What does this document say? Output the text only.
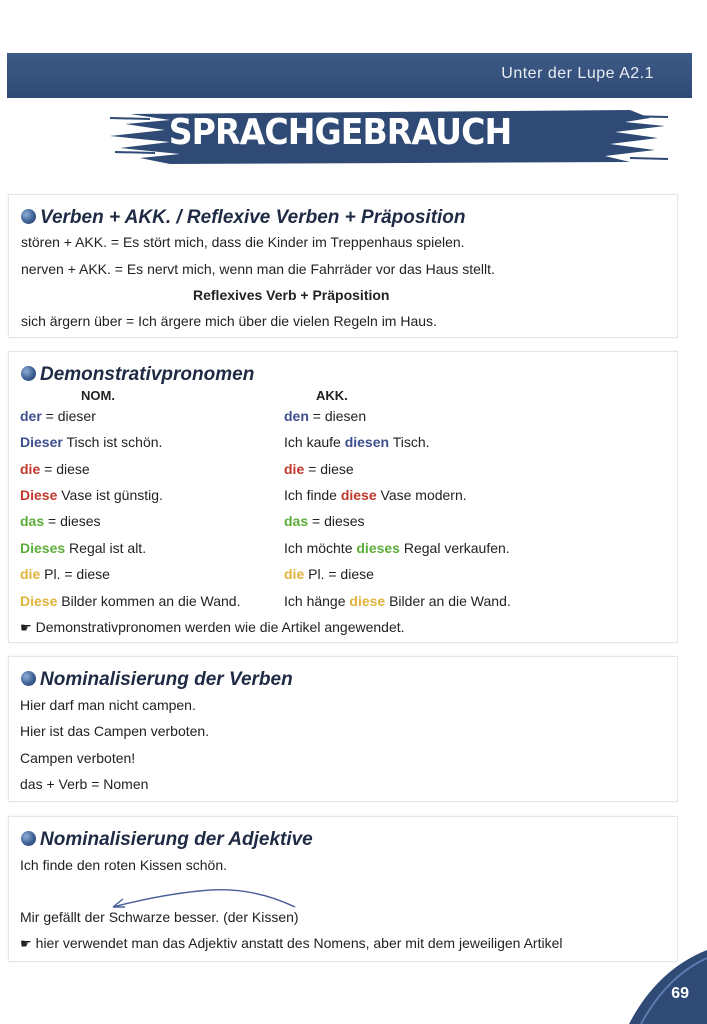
Unter der Lupe A2.1
SPRACHGEBRAUCH
Verben + AKK. / Reflexive Verben + Präposition
stören + AKK. = Es stört mich, dass die Kinder im Treppenhaus spielen.
nerven + AKK. = Es nervt mich, wenn man die Fahrräder vor das Haus stellt.
Reflexives Verb + Präposition
sich ärgern über = Ich ärgere mich über die vielen Regeln im Haus.
Demonstrativpronomen
NOM.	AKK.
der = dieser
Dieser Tisch ist schön.
die = diese
Diese Vase ist günstig.
das = dieses
Dieses Regal ist alt.
die Pl. = diese
Diese Bilder kommen an die Wand.
den = diesen
Ich kaufe diesen Tisch.
die = diese
Ich finde diese Vase modern.
das = dieses
Ich möchte dieses Regal verkaufen.
die Pl. = diese
Ich hänge diese Bilder an die Wand.
☛ Demonstrativpronomen werden wie die Artikel angewendet.
Nominalisierung der Verben
Hier darf man nicht campen.
Hier ist das Campen verboten.
Campen verboten!
das + Verb = Nomen
Nominalisierung der Adjektive
Ich finde den roten Kissen schön.
Mir gefällt der Schwarze besser. (der Kissen)
☛ hier verwendet man das Adjektiv anstatt des Nomens, aber mit dem jeweiligen Artikel
69
